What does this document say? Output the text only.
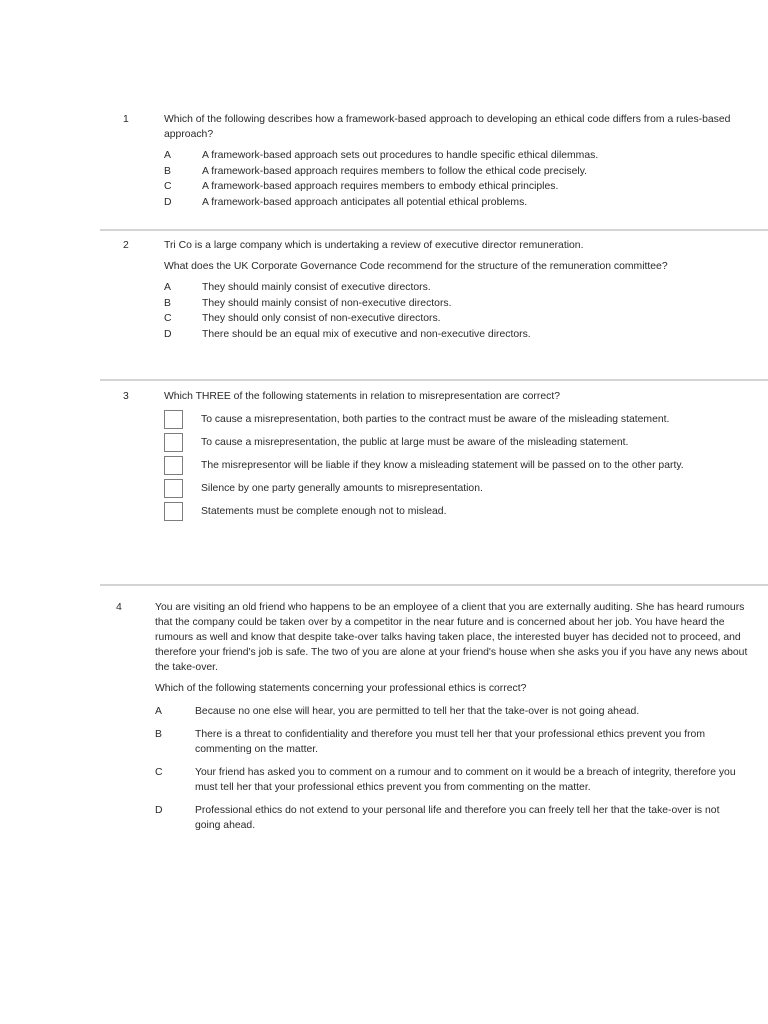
1	Which of the following describes how a framework-based approach to developing an ethical code differs from a rules-based approach?

A	A framework-based approach sets out procedures to handle specific ethical dilemmas.
B	A framework-based approach requires members to follow the ethical code precisely.
C	A framework-based approach requires members to embody ethical principles.
D	A framework-based approach anticipates all potential ethical problems.
2	Tri Co is a large company which is undertaking a review of executive director remuneration.

What does the UK Corporate Governance Code recommend for the structure of the remuneration committee?

A	They should mainly consist of executive directors.
B	They should mainly consist of non-executive directors.
C	They should only consist of non-executive directors.
D	There should be an equal mix of executive and non-executive directors.
3	Which THREE of the following statements in relation to misrepresentation are correct?

To cause a misrepresentation, both parties to the contract must be aware of the misleading statement.
To cause a misrepresentation, the public at large must be aware of the misleading statement.
The misrepresentor will be liable if they know a misleading statement will be passed on to the other party.
Silence by one party generally amounts to misrepresentation.
Statements must be complete enough not to mislead.
4	You are visiting an old friend who happens to be an employee of a client that you are externally auditing. She has heard rumours that the company could be taken over by a competitor in the near future and is concerned about her job. You have heard the rumours as well and know that despite take-over talks having taken place, the interested buyer has decided not to proceed, and therefore your friend's job is safe. The two of you are alone at your friend's house when she asks you if you have any news about the take-over.

Which of the following statements concerning your professional ethics is correct?

A	Because no one else will hear, you are permitted to tell her that the take-over is not going ahead.
B	There is a threat to confidentiality and therefore you must tell her that your professional ethics prevent you from commenting on the matter.
C	Your friend has asked you to comment on a rumour and to comment on it would be a breach of integrity, therefore you must tell her that your professional ethics prevent you from commenting on the matter.
D	Professional ethics do not extend to your personal life and therefore you can freely tell her that the take-over is not going ahead.
